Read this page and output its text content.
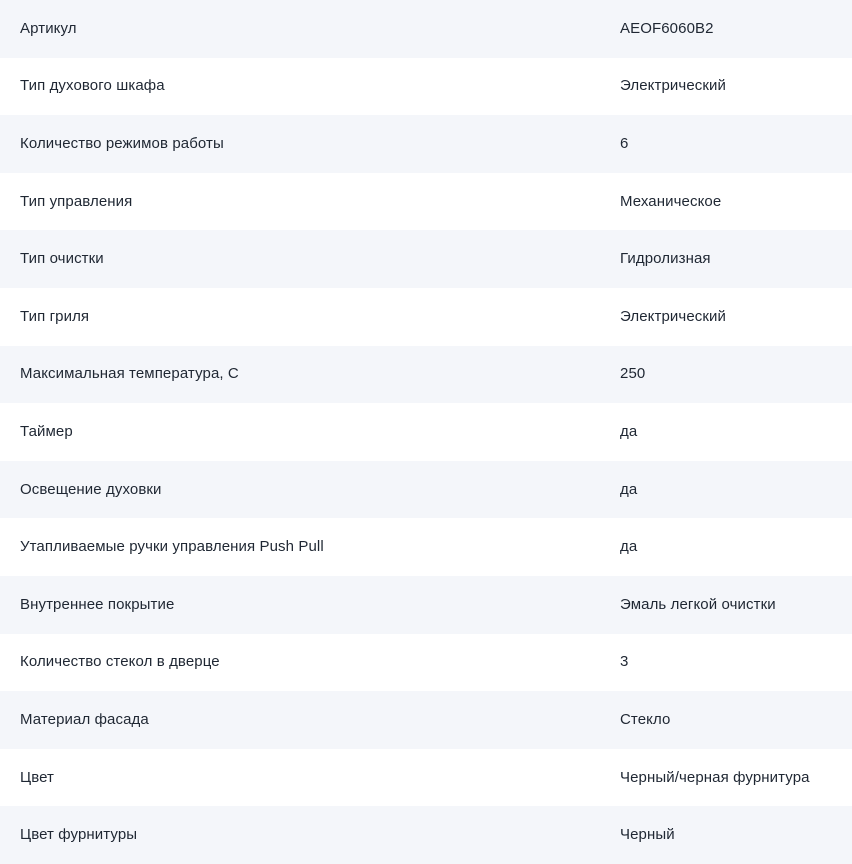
Артикул	AEOF6060B2
Тип духового шкафа	Электрический
Количество режимов работы	6
Тип управления	Механическое
Тип очистки	Гидролизная
Тип гриля	Электрический
Максимальная температура, С	250
Таймер	да
Освещение духовки	да
Утапливаемые ручки управления Push Pull	да
Внутреннее покрытие	Эмаль легкой очистки
Количество стекол в дверце	3
Материал фасада	Стекло
Цвет	Черный/черная фурнитура
Цвет фурнитуры	Черный
